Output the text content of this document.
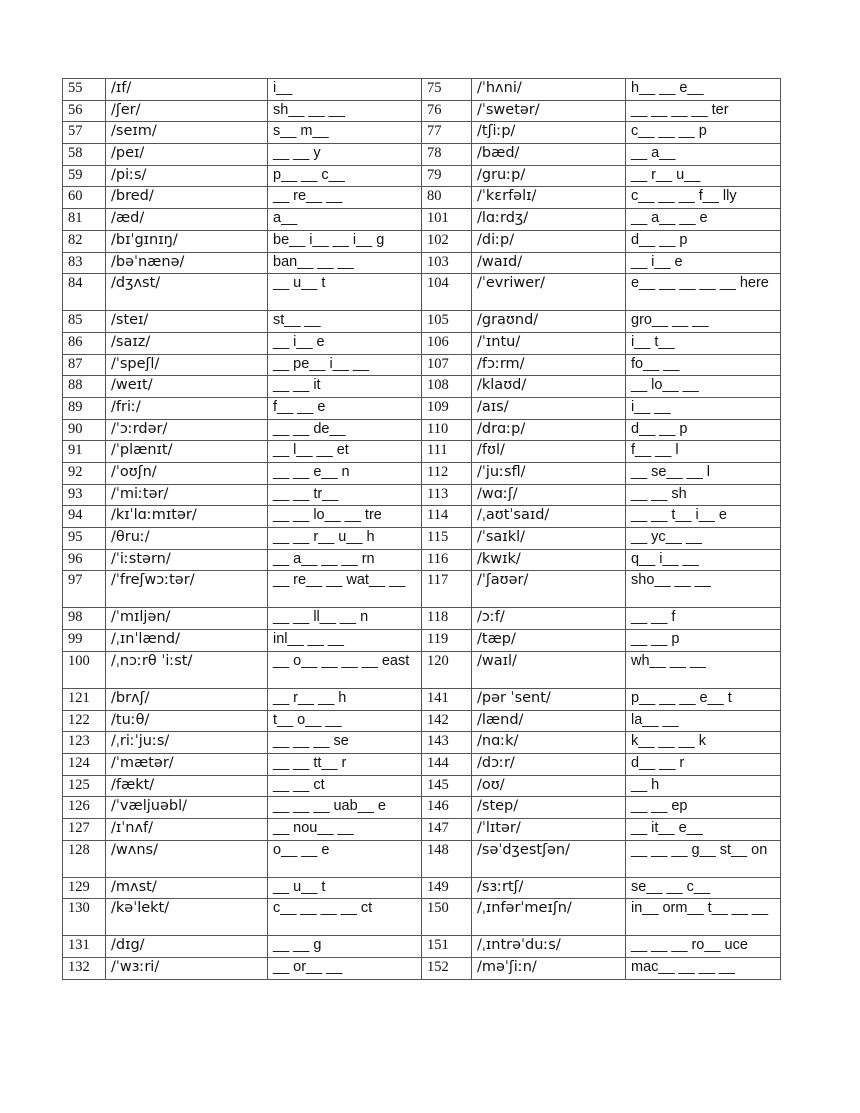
55	/ɪf/	i__	75	/ˈhʌni/	h__ __ e__
56	/ʃer/	sh__ __ __	76	/ˈswetər/	__ __ __ __ ter
57	/seɪm/	s__ m__	77	/tʃiːp/	c__ __ __ p
58	/peɪ/	__ __ y	78	/bæd/	__ a__
59	/piːs/	p__ __ c__	79	/gruːp/	__ r__ u__
60	/bred/	__ re__ __	80	/ˈkɛrfəlɪ/	c__ __ __ f__ lly
81	/æd/	a__	101	/lɑːrdʒ/	__ a__ __ e
82	/bɪˈgɪnɪŋ/	be__ i__ __ i__ g	102	/diːp/	d__ __ p
83	/bəˈnænə/	ban__ __ __	103	/waɪd/	__ i__ e
84	/dʒʌst/	__ u__ t	104	/ˈevriwer/	e__ __ __ __ __ here
85	/steɪ/	st__ __	105	/graʊnd/	gro__ __ __
86	/saɪz/	__ i__ e	106	/ˈɪntu/	i__ t__
87	/ˈspeʃl/	__ pe__ i__ __	107	/fɔːrm/	fo__ __
88	/weɪt/	__ __ it	108	/klaʊd/	__ lo__ __
89	/friː/	f__ __ e	109	/aɪs/	i__ __
90	/ˈɔːrdər/	__ __ de__	110	/drɑːp/	d__ __ p
91	/ˈplænɪt/	__ l__ __ et	111	/fʊl/	f__ __ l
92	/ˈoʊʃn/	__ __ e__ n	112	/ˈjuːsfl/	__ se__ __ l
93	/ˈmiːtər/	__ __ tr__	113	/wɑːʃ/	__ __ sh
94	/kɪˈlɑːmɪtər/	__ __ lo__ __ tre	114	/ˌaʊtˈsaɪd/	__ __ t__ i__ e
95	/θruː/	__ __ r__ u__ h	115	/ˈsaɪkl/	__ yc__ __
96	/ˈiːstərn/	__ a__ __ __ rn	116	/kwɪk/	q__ i__ __
97	/ˈfreʃwɔːtər/	__ re__ __ wat__ __	117	/ˈʃaʊər/	sho__ __ __
98	/ˈmɪljən/	__ __ ll__ __ n	118	/ɔːf/	__ __ f
99	/ˌɪnˈlænd/	inl__ __ __	119	/tæp/	__ __ p
100	/ˌnɔːrθ ˈiːst/	__ o__ __ __ __ east	120	/waɪl/	wh__ __ __
121	/brʌʃ/	__ r__ __ h	141	/pər ˈsent/	p__ __ __ e__ t
122	/tuːθ/	t__ o__ __	142	/lænd/	la__ __
123	/ˌriːˈjuːs/	__ __ __ se	143	/nɑːk/	k__ __ __ k
124	/ˈmætər/	__ __ tt__ r	144	/dɔːr/	d__ __ r
125	/fækt/	__ __ ct	145	/oʊ/	__ h
126	/ˈvæljuəbl/	__ __ __ uab__ e	146	/step/	__ __ ep
127	/ɪˈnʌf/	__ nou__ __	147	/ˈlɪtər/	__ it__ e__
128	/wʌns/	o__ __ e	148	/səˈdʒestʃən/	__ __ __ g__ st__ on
129	/mʌst/	__ u__ t	149	/sɜːrtʃ/	se__ __ c__
130	/kəˈlekt/	c__ __ __ __ ct	150	/ˌɪnfərˈmeɪʃn/	in__ orm__ t__ __ __
131	/dɪg/	__ __ g	151	/ˌɪntrəˈduːs/	__ __ __ ro__ uce
132	/ˈwɜːri/	__ or__ __	152	/məˈʃiːn/	mac__ __ __ __
